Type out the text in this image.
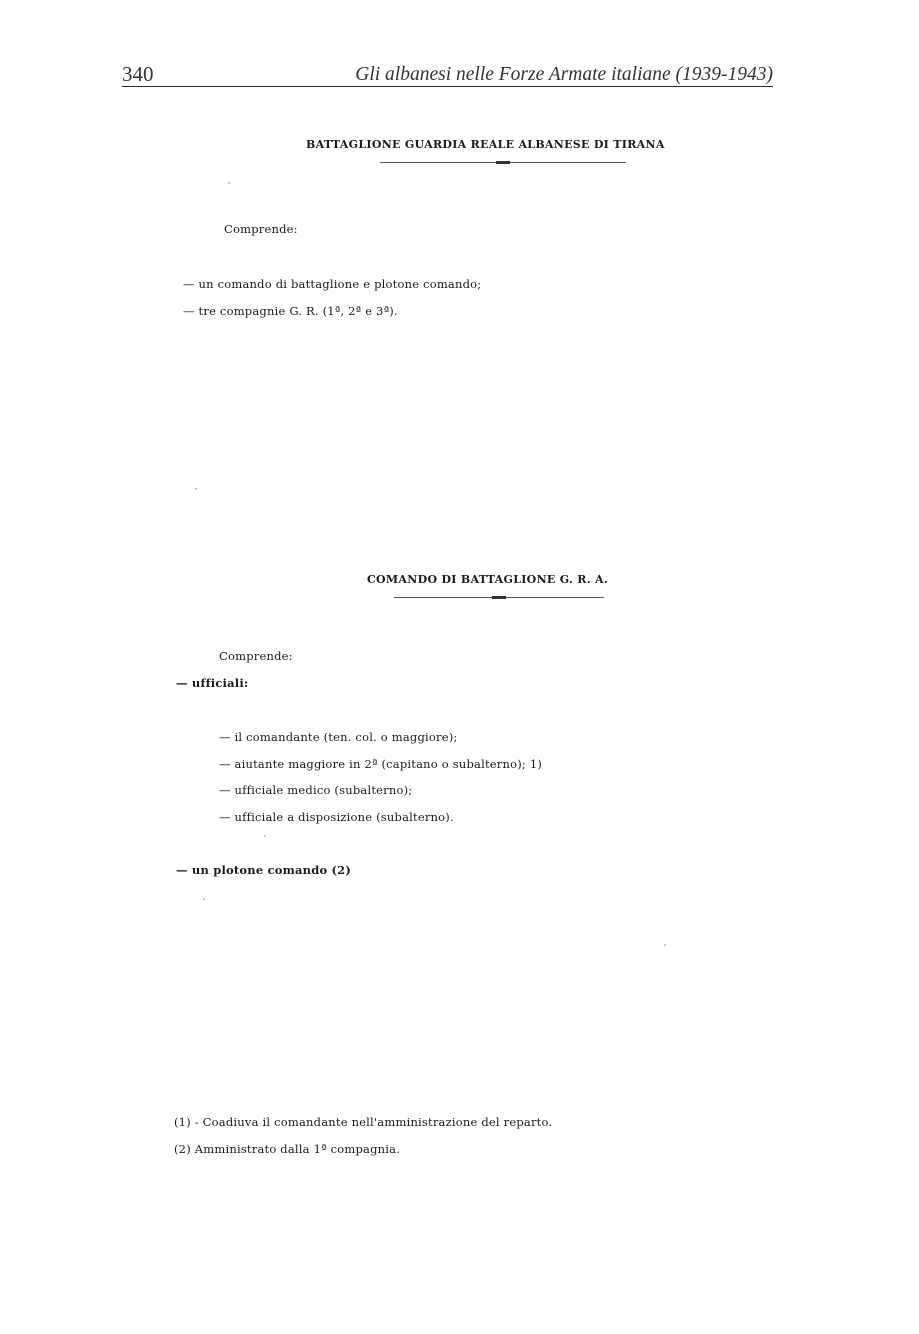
340	Gli albanesi nelle Forze Armate italiane (1939-1943)
BATTAGLIONE GUARDIA REALE ALBANESE DI TIRANA
Comprende:
— un comando di battaglione e plotone comando;
— tre compagnie G. R. (1ª, 2ª e 3ª).
COMANDO DI BATTAGLIONE G. R. A.
Comprende:
— ufficiali:
— il comandante (ten. col. o maggiore);
— aiutante maggiore in 2ª (capitano o subalterno); 1)
— ufficiale medico (subalterno);
— ufficiale a disposizione (subalterno).
— un plotone comando (2)
(1) - Coadiuva il comandante nell'amministrazione del reparto.
(2) Amministrato dalla 1ª compagnia.
